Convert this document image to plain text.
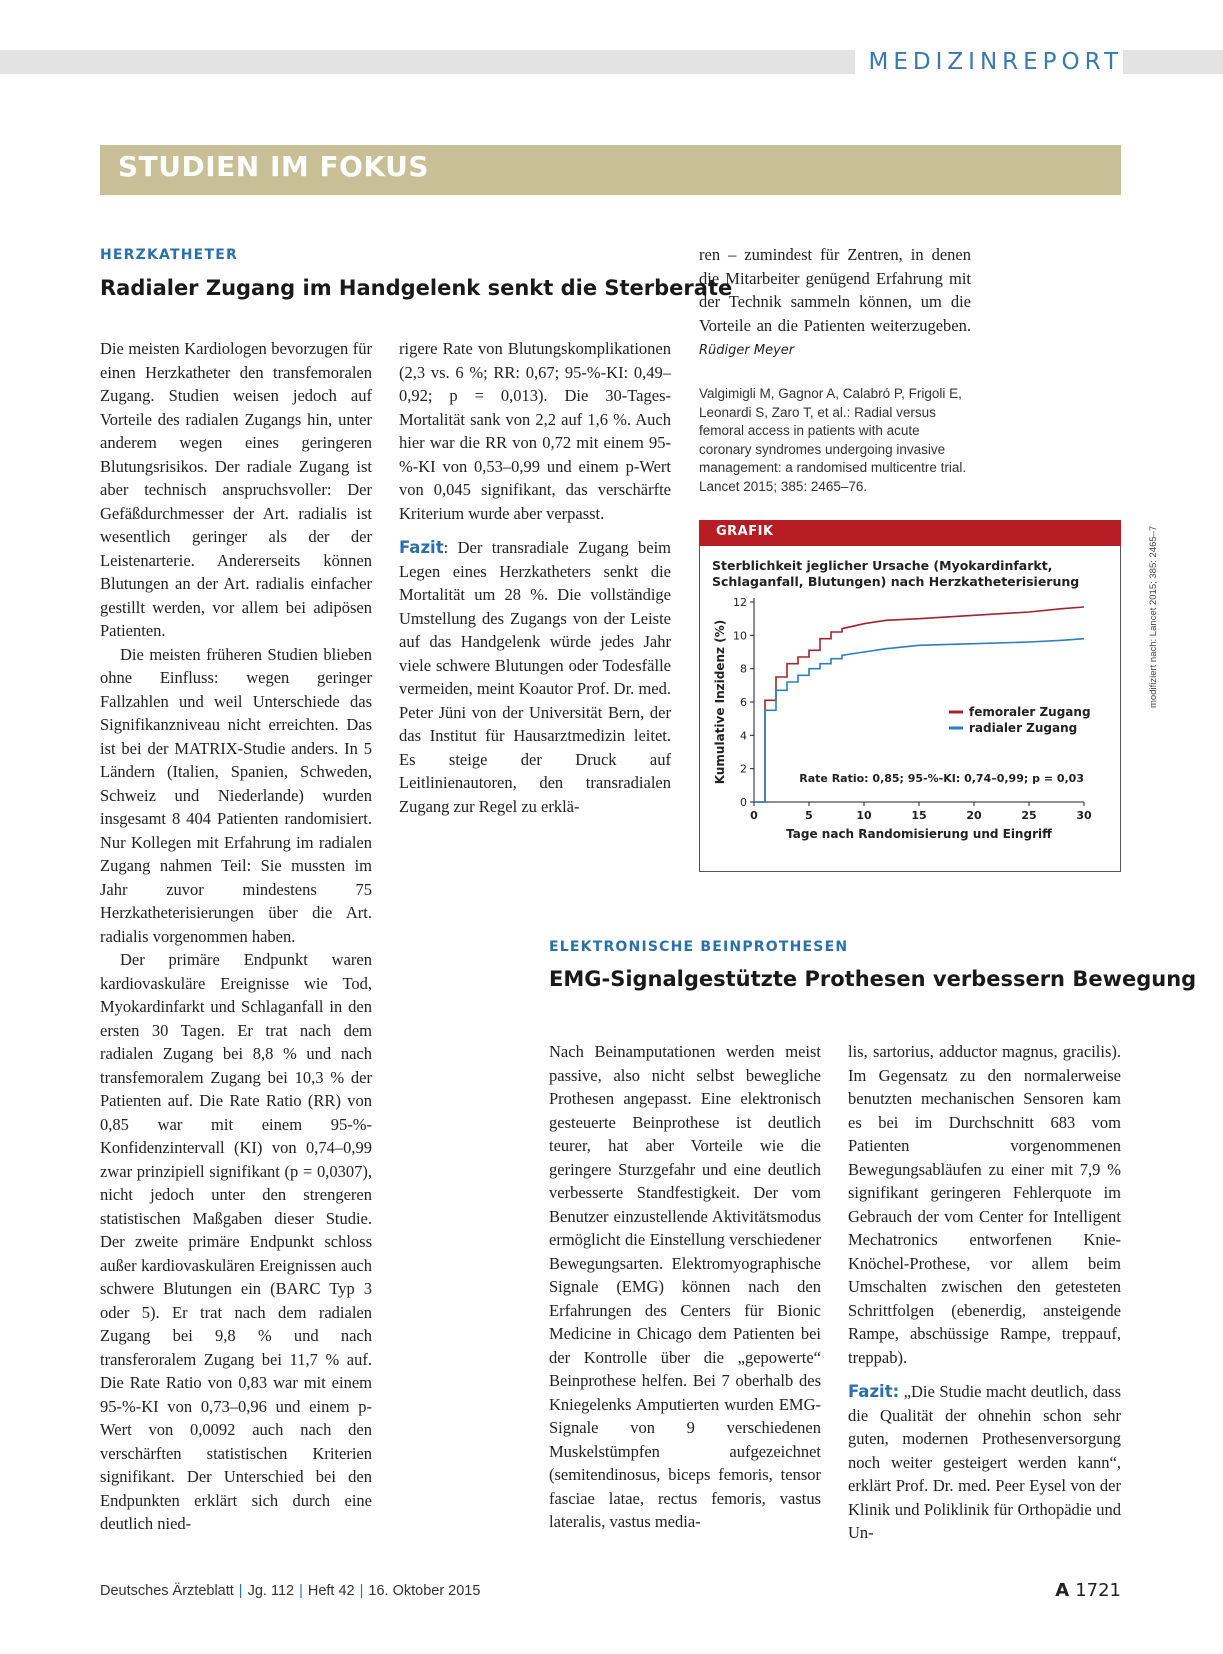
MEDIZINREPORT
STUDIEN IM FOKUS
HERZKATHETER
Radialer Zugang im Handgelenk senkt die Sterberate

Die meisten Kardiologen bevorzugen für einen Herzkatheter den transfemoralen Zugang. Studien weisen jedoch auf Vorteile des radialen Zugangs hin, unter anderem wegen eines geringeren Blutungsrisikos. Der radiale Zugang ist aber technisch anspruchsvoller: Der Gefäßdurchmesser der Art. radialis ist wesentlich geringer als der der Leistenarterie. Andererseits können Blutungen an der Art. radialis einfacher gestillt werden, vor allem bei adipösen Patienten.

Die meisten früheren Studien blieben ohne Einfluss: wegen geringer Fallzahlen und weil Unterschiede das Signifikanzniveau nicht erreichten. Das ist bei der MATRIX-Studie anders. In 5 Ländern (Italien, Spanien, Schweden, Schweiz und Niederlande) wurden insgesamt 8 404 Patienten randomisiert. Nur Kollegen mit Erfahrung im radialen Zugang nahmen Teil: Sie mussten im Jahr zuvor mindestens 75 Herzkatheterisierungen über die Art. radialis vorgenommen haben.

Der primäre Endpunkt waren kardiovaskuläre Ereignisse wie Tod, Myokardinfarkt und Schlaganfall in den ersten 30 Tagen. Er trat nach dem radialen Zugang bei 8,8 % und nach transfemoralem Zugang bei 10,3 % der Patienten auf. Die Rate Ratio (RR) von 0,85 war mit einem 95-%-Konfidenzintervall (KI) von 0,74–0,99 zwar prinzipiell signifikant (p = 0,0307), nicht jedoch unter den strengeren statistischen Maßgaben dieser Studie. Der zweite primäre Endpunkt schloss außer kardiovaskulären Ereignissen auch schwere Blutungen ein (BARC Typ 3 oder 5). Er trat nach dem radialen Zugang bei 9,8 % und nach transferoralem Zugang bei 11,7 % auf. Die Rate Ratio von 0,83 war mit einem 95-%-KI von 0,73–0,96 und einem p-Wert von 0,0092 auch nach den verschärften statistischen Kriterien signifikant. Der Unterschied bei den Endpunkten erklärt sich durch eine deutlich nied-

rigere Rate von Blutungskomplikationen (2,3 vs. 6 %; RR: 0,67; 95-%-KI: 0,49–0,92; p = 0,013). Die 30-Tages-Mortalität sank von 2,2 auf 1,6 %. Auch hier war die RR von 0,72 mit einem 95-%-KI von 0,53–0,99 und einem p-Wert von 0,045 signifikant, das verschärfte Kriterium wurde aber verpasst.

Fazit: Der transradiale Zugang beim Legen eines Herzkatheters senkt die Mortalität um 28 %. Die vollständige Umstellung des Zugangs von der Leiste auf das Handgelenk würde jedes Jahr viele schwere Blutungen oder Todesfälle vermeiden, meint Koautor Prof. Dr. med. Peter Jüni von der Universität Bern, der das Institut für Hausarztmedizin leitet. Es steige der Druck auf Leitlinienautoren, den transradialen Zugang zur Regel zu erklä-

ren – zumindest für Zentren, in denen die Mitarbeiter genügend Erfahrung mit der Technik sammeln können, um die Vorteile an die Patienten weiterzugeben. Rüdiger Meyer

Valgimigli M, Gagnor A, Calabró P, Frigoli E, Leonardi S, Zaro T, et al.: Radial versus femoral access in patients with acute coronary syndromes undergoing invasive management: a randomised multicentre trial. Lancet 2015; 385: 2465–76.
GRAFIK
Sterblichkeit jeglicher Ursache (Myokardinfarkt, Schlaganfall, Blutungen) nach Herzkatheterisierung
0
2
4
6
8
10
12
0	5	10	15	20	25	30
Tage nach Randomisierung und Eingriff
Kumulative Inzidenz (%)	femoraler Zugang
radialer Zugang
Rate Ratio: 0,85; 95-%-KI: 0,74–0,99; p = 0,03
modifiziert nach: Lancet 2015; 385: 2465–7
ELEKTRONISCHE BEINPROTHESEN
EMG-Signalgestützte Prothesen verbessern Bewegung

Nach Beinamputationen werden meist passive, also nicht selbst bewegliche Prothesen angepasst. Eine elektronisch gesteuerte Beinprothese ist deutlich teurer, hat aber Vorteile wie die geringere Sturzgefahr und eine deutlich verbesserte Standfestigkeit. Der vom Benutzer einzustellende Aktivitätsmodus ermöglicht die Einstellung verschiedener Bewegungsarten. Elektromyographische Signale (EMG) können nach den Erfahrungen des Centers für Bionic Medicine in Chicago dem Patienten bei der Kontrolle über die „gepowerte“ Beinprothese helfen. Bei 7 oberhalb des Kniegelenks Amputierten wurden EMG-Signale von 9 verschiedenen Muskelstümpfen aufgezeichnet (semitendinosus, biceps femoris, tensor fasciae latae, rectus femoris, vastus lateralis, vastus media-

lis, sartorius, adductor magnus, gracilis). Im Gegensatz zu den normalerweise benutzten mechanischen Sensoren kam es bei im Durchschnitt 683 vom Patienten vorgenommenen Bewegungsabläufen zu einer mit 7,9 % signifikant geringeren Fehlerquote im Gebrauch der vom Center for Intelligent Mechatronics entworfenen Knie-Knöchel-Prothese, vor allem beim Umschalten zwischen den getesteten Schrittfolgen (ebenerdig, ansteigende Rampe, abschüssige Rampe, treppauf, treppab).

Fazit: „Die Studie macht deutlich, dass die Qualität der ohnehin schon sehr guten, modernen Prothesenversorgung noch weiter gesteigert werden kann“, erklärt Prof. Dr. med. Peer Eysel von der Klinik und Poliklinik für Orthopädie und Un-

Deutsches Ärzteblatt | Jg. 112 | Heft 42 | 16. Oktober 2015	A 1721
